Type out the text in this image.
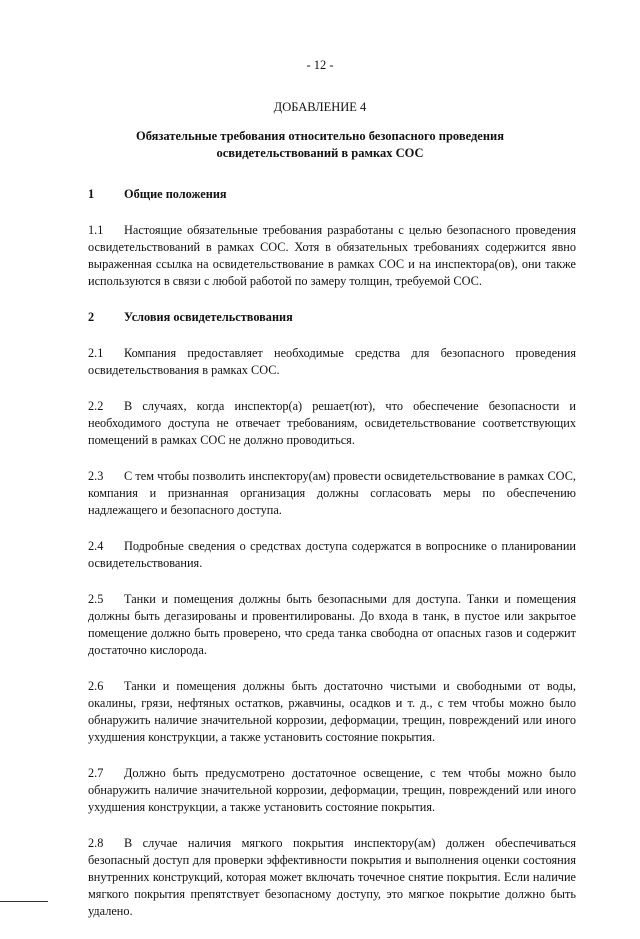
- 12 -
ДОБАВЛЕНИЕ 4
Обязательные требования относительно безопасного проведения освидетельствований в рамках СОС
1	Общие положения

1.1 Настоящие обязательные требования разработаны с целью безопасного проведения освидетельствований в рамках СОС. Хотя в обязательных требованиях содержится явно выраженная ссылка на освидетельствование в рамках СОС и на инспектора(ов), они также используются в связи с любой работой по замеру толщин, требуемой СОС.

2	Условия освидетельствования

2.1 Компания предоставляет необходимые средства для безопасного проведения освидетельствования в рамках СОС.

2.2 В случаях, когда инспектор(а) решает(ют), что обеспечение безопасности и необходимого доступа не отвечает требованиям, освидетельствование соответствующих помещений в рамках СОС не должно проводиться.

2.3 С тем чтобы позволить инспектору(ам) провести освидетельствование в рамках СОС, компания и признанная организация должны согласовать меры по обеспечению надлежащего и безопасного доступа.

2.4 Подробные сведения о средствах доступа содержатся в вопроснике о планировании освидетельствования.

2.5 Танки и помещения должны быть безопасными для доступа. Танки и помещения должны быть дегазированы и провентилированы. До входа в танк, в пустое или закрытое помещение должно быть проверено, что среда танка свободна от опасных газов и содержит достаточно кислорода.

2.6 Танки и помещения должны быть достаточно чистыми и свободными от воды, окалины, грязи, нефтяных остатков, ржавчины, осадков и т. д., с тем чтобы можно было обнаружить наличие значительной коррозии, деформации, трещин, повреждений или иного ухудшения конструкции, а также установить состояние покрытия.

2.7 Должно быть предусмотрено достаточное освещение, с тем чтобы можно было обнаружить наличие значительной коррозии, деформации, трещин, повреждений или иного ухудшения конструкции, а также установить состояние покрытия.

2.8 В случае наличия мягкого покрытия инспектору(ам) должен обеспечиваться безопасный доступ для проверки эффективности покрытия и выполнения оценки состояния внутренних конструкций, которая может включать точечное снятие покрытия. Если наличие мягкого покрытия препятствует безопасному доступу, это мягкое покрытие должно быть удалено.
